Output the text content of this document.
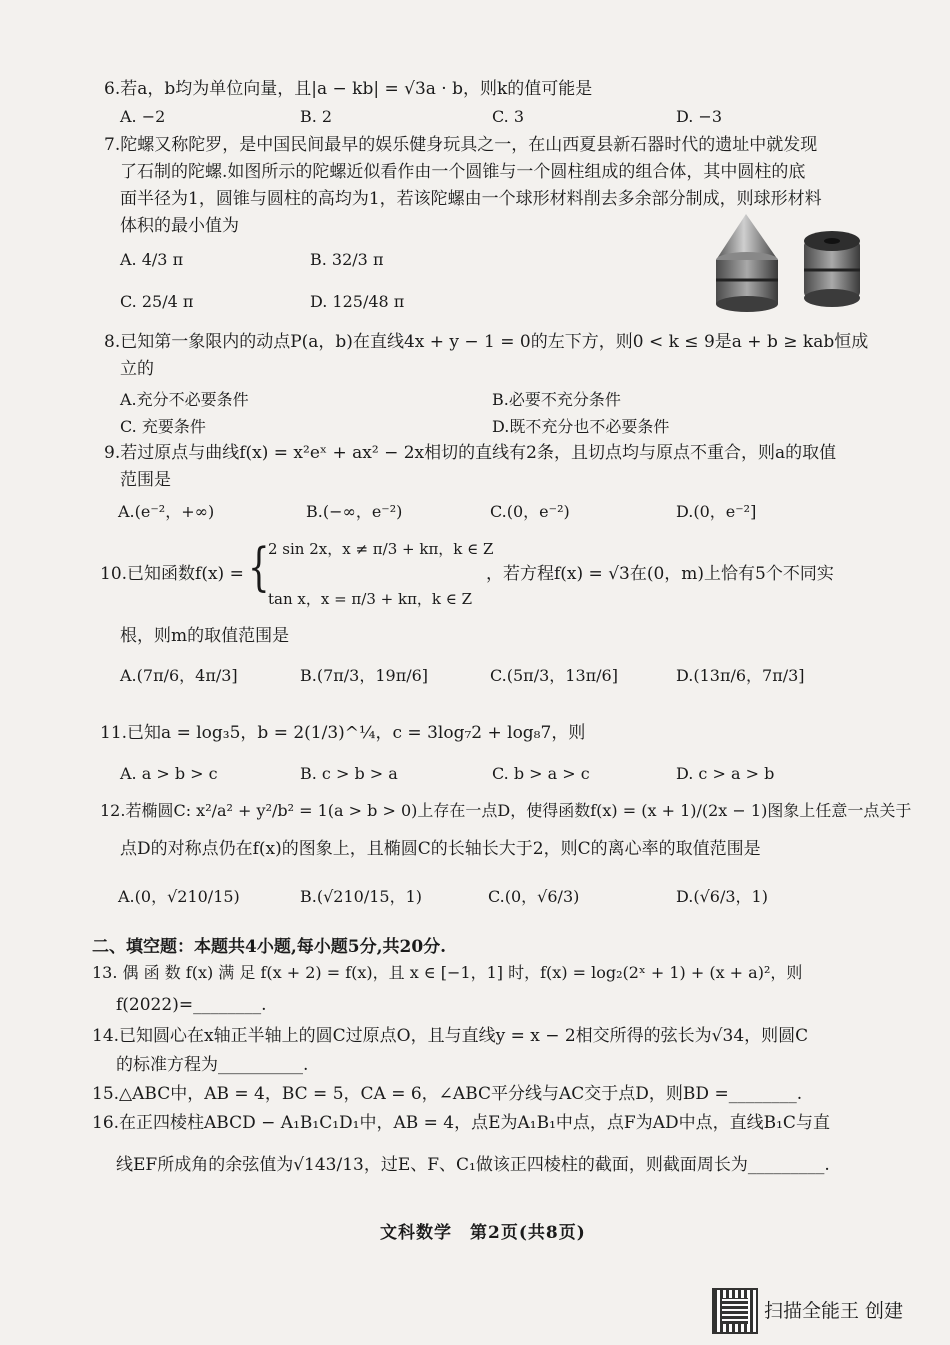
6.若a，b均为单位向量，且|a − kb| = √3a · b，则k的值可能是
A. −2	B. 2	C. 3	D. −3
7.陀螺又称陀罗，是中国民间最早的娱乐健身玩具之一，在山西夏县新石器时代的遗址中就发现
了石制的陀螺.如图所示的陀螺近似看作由一个圆锥与一个圆柱组成的组合体，其中圆柱的底
面半径为1，圆锥与圆柱的高均为1，若该陀螺由一个球形材料削去多余部分制成，则球形材料
体积的最小值为
A. 4/3 π	B. 32/3 π
C. 25/4 π	D. 125/48 π
8.已知第一象限内的动点P(a，b)在直线4x + y − 1 = 0的左下方，则0 < k ≤ 9是a + b ≥ kab恒成
立的
A.充分不必要条件	B.必要不充分条件
C. 充要条件	D.既不充分也不必要条件
9.若过原点与曲线f(x) = x²eˣ + ax² − 2x相切的直线有2条，且切点均与原点不重合，则a的取值
范围是
A.(e⁻²，+∞)	B.(−∞，e⁻²)	C.(0，e⁻²)	D.(0，e⁻²]
10.已知函数f(x) = {
2 sin 2x，x ≠ π/3 + kπ，k ∈ Z
tan x，x = π/3 + kπ，k ∈ Z
，若方程f(x) = √3在(0，m)上恰有5个不同实
根，则m的取值范围是
A.(7π/6，4π/3]	B.(7π/3，19π/6]	C.(5π/3，13π/6]	D.(13π/6，7π/3]
11.已知a = log₃5，b = 2(1/3)^¼，c = 3log₇2 + log₈7，则
A. a > b > c	B. c > b > a	C. b > a > c	D. c > a > b
12.若椭圆C: x²/a² + y²/b² = 1(a > b > 0)上存在一点D，使得函数f(x) = (x + 1)/(2x − 1)图象上任意一点关于
点D的对称点仍在f(x)的图象上，且椭圆C的长轴长大于2，则C的离心率的取值范围是
A.(0，√210/15)	B.(√210/15，1)	C.(0，√6/3)	D.(√6/3，1)
二、填空题：本题共4小题,每小题5分,共20分.
13. 偶 函 数 f(x) 满 足 f(x + 2) = f(x)，且 x ∈ [−1，1] 时，f(x) = log₂(2ˣ + 1) + (x + a)²，则
f(2022)=________.
14.已知圆心在x轴正半轴上的圆C过原点O，且与直线y = x − 2相交所得的弦长为√34，则圆C
的标准方程为__________.
15.△ABC中，AB = 4，BC = 5，CA = 6，∠ABC平分线与AC交于点D，则BD =________.
16.在正四棱柱ABCD − A₁B₁C₁D₁中，AB = 4，点E为A₁B₁中点，点F为AD中点，直线B₁C与直
线EF所成角的余弦值为√143/13，过E、F、C₁做该正四棱柱的截面，则截面周长为_________.
文科数学　第2页(共8页)
扫描全能王 创建
